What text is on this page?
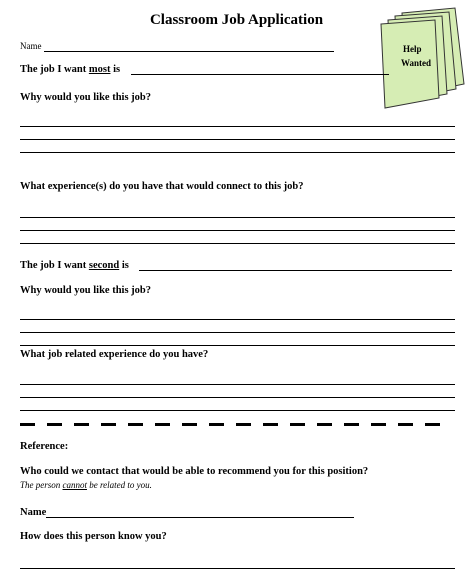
Classroom Job Application
Help
Wanted
Name
The job I want most is
Why would you like this job?
What experience(s) do you have that would connect to this job?
The job I want second is
Why would you like this job?
What job related experience do you have?
Reference:
Who could we contact that would be able to recommend you for this position?
The person cannot be related to you.
Name
How does this person know you?
